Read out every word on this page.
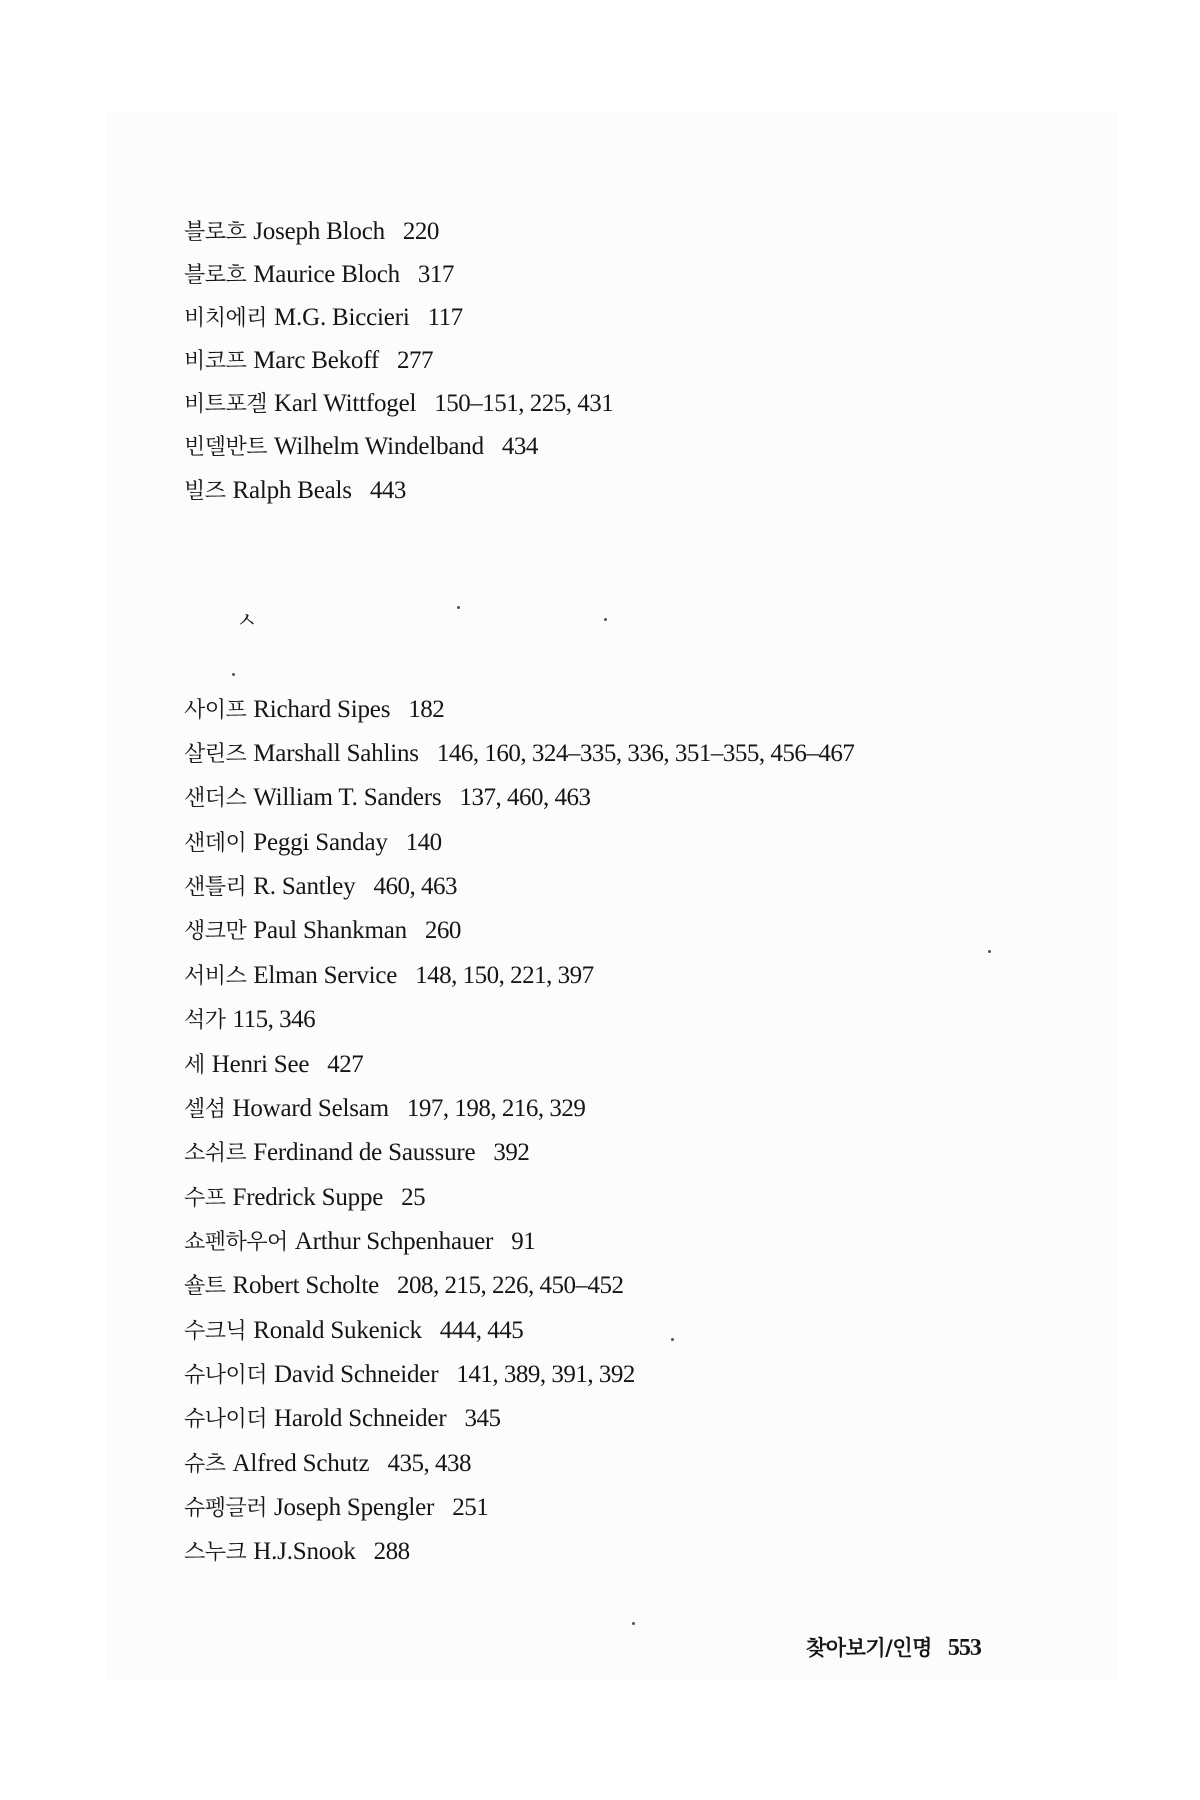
블로흐 Joseph Bloch 220
블로흐 Maurice Bloch 317
비치에리 M.G. Biccieri 117
비코프 Marc Bekoff 277
비트포겔 Karl Wittfogel 150–151, 225, 431
빈델반트 Wilhelm Windelband 434
빌즈 Ralph Beals 443
ㅅ
사이프 Richard Sipes 182
살린즈 Marshall Sahlins 146, 160, 324–335, 336, 351–355, 456–467
샌더스 William T. Sanders 137, 460, 463
샌데이 Peggi Sanday 140
샌틀리 R. Santley 460, 463
생크만 Paul Shankman 260
서비스 Elman Service 148, 150, 221, 397
석가 115, 346
세 Henri See 427
셀섬 Howard Selsam 197, 198, 216, 329
소쉬르 Ferdinand de Saussure 392
수프 Fredrick Suppe 25
쇼펜하우어 Arthur Schpenhauer 91
숄트 Robert Scholte 208, 215, 226, 450–452
수크닉 Ronald Sukenick 444, 445
슈나이더 David Schneider 141, 389, 391, 392
슈나이더 Harold Schneider 345
슈츠 Alfred Schutz 435, 438
슈펭글러 Joseph Spengler 251
스누크 H.J.Snook 288
찾아보기/인명 553
